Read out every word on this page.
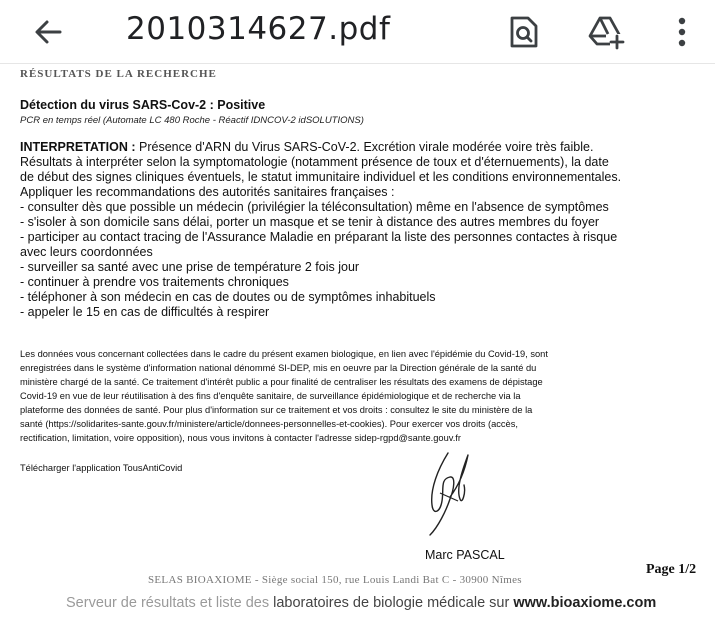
2010314627.pdf
RÉSULTATS DE LA RECHERCHE
Détection du virus SARS-Cov-2 : Positive
PCR en temps réel (Automate LC 480 Roche - Réactif IDNCOV-2 idSOLUTIONS)
INTERPRETATION : Présence d'ARN du Virus SARS-CoV-2. Excrétion virale modérée voire très faible.
Résultats à interpréter selon la symptomatologie (notamment présence de toux et d'éternuements), la date
de début des signes cliniques éventuels, le statut immunitaire individuel et les conditions environnementales.
Appliquer les recommandations des autorités sanitaires françaises :
- consulter dès que possible un médecin (privilégier la téléconsultation) même en l'absence de symptômes
- s'isoler à son domicile sans délai, porter un masque et se tenir à distance des autres membres du foyer
- participer au contact tracing de l'Assurance Maladie en préparant la liste des personnes contactes à risque
avec leurs coordonnées
- surveiller sa santé avec une prise de température 2 fois jour
- continuer à prendre vos traitements chroniques
- téléphoner à son médecin en cas de doutes ou de symptômes inhabituels
- appeler le 15 en cas de difficultés à respirer
Les données vous concernant collectées dans le cadre du présent examen biologique, en lien avec l'épidémie du Covid-19, sont
enregistrées dans le système d'information national dénommé SI-DEP, mis en oeuvre par la Direction générale de la santé du
ministère chargé de la santé. Ce traitement d'intérêt public a pour finalité de centraliser les résultats des examens de dépistage
Covid-19 en vue de leur réutilisation à des fins d'enquête sanitaire, de surveillance épidémiologique et de recherche via la
plateforme des données de santé. Pour plus d'information sur ce traitement et vos droits : consultez le site du ministère de la
santé (https://solidarites-sante.gouv.fr/ministere/article/donnees-personnelles-et-cookies). Pour exercer vos droits (accès,
rectification, limitation, voire opposition), nous vous invitons à contacter l'adresse sidep-rgpd@sante.gouv.fr
Télécharger l'application TousAntiCovid
Marc PASCAL
Page 1/2
SELAS BIOAXIOME - Siège social 150, rue Louis Landi Bat C - 30900 Nîmes
Serveur de résultats et liste des laboratoires de biologie médicale sur www.bioaxiome.com
